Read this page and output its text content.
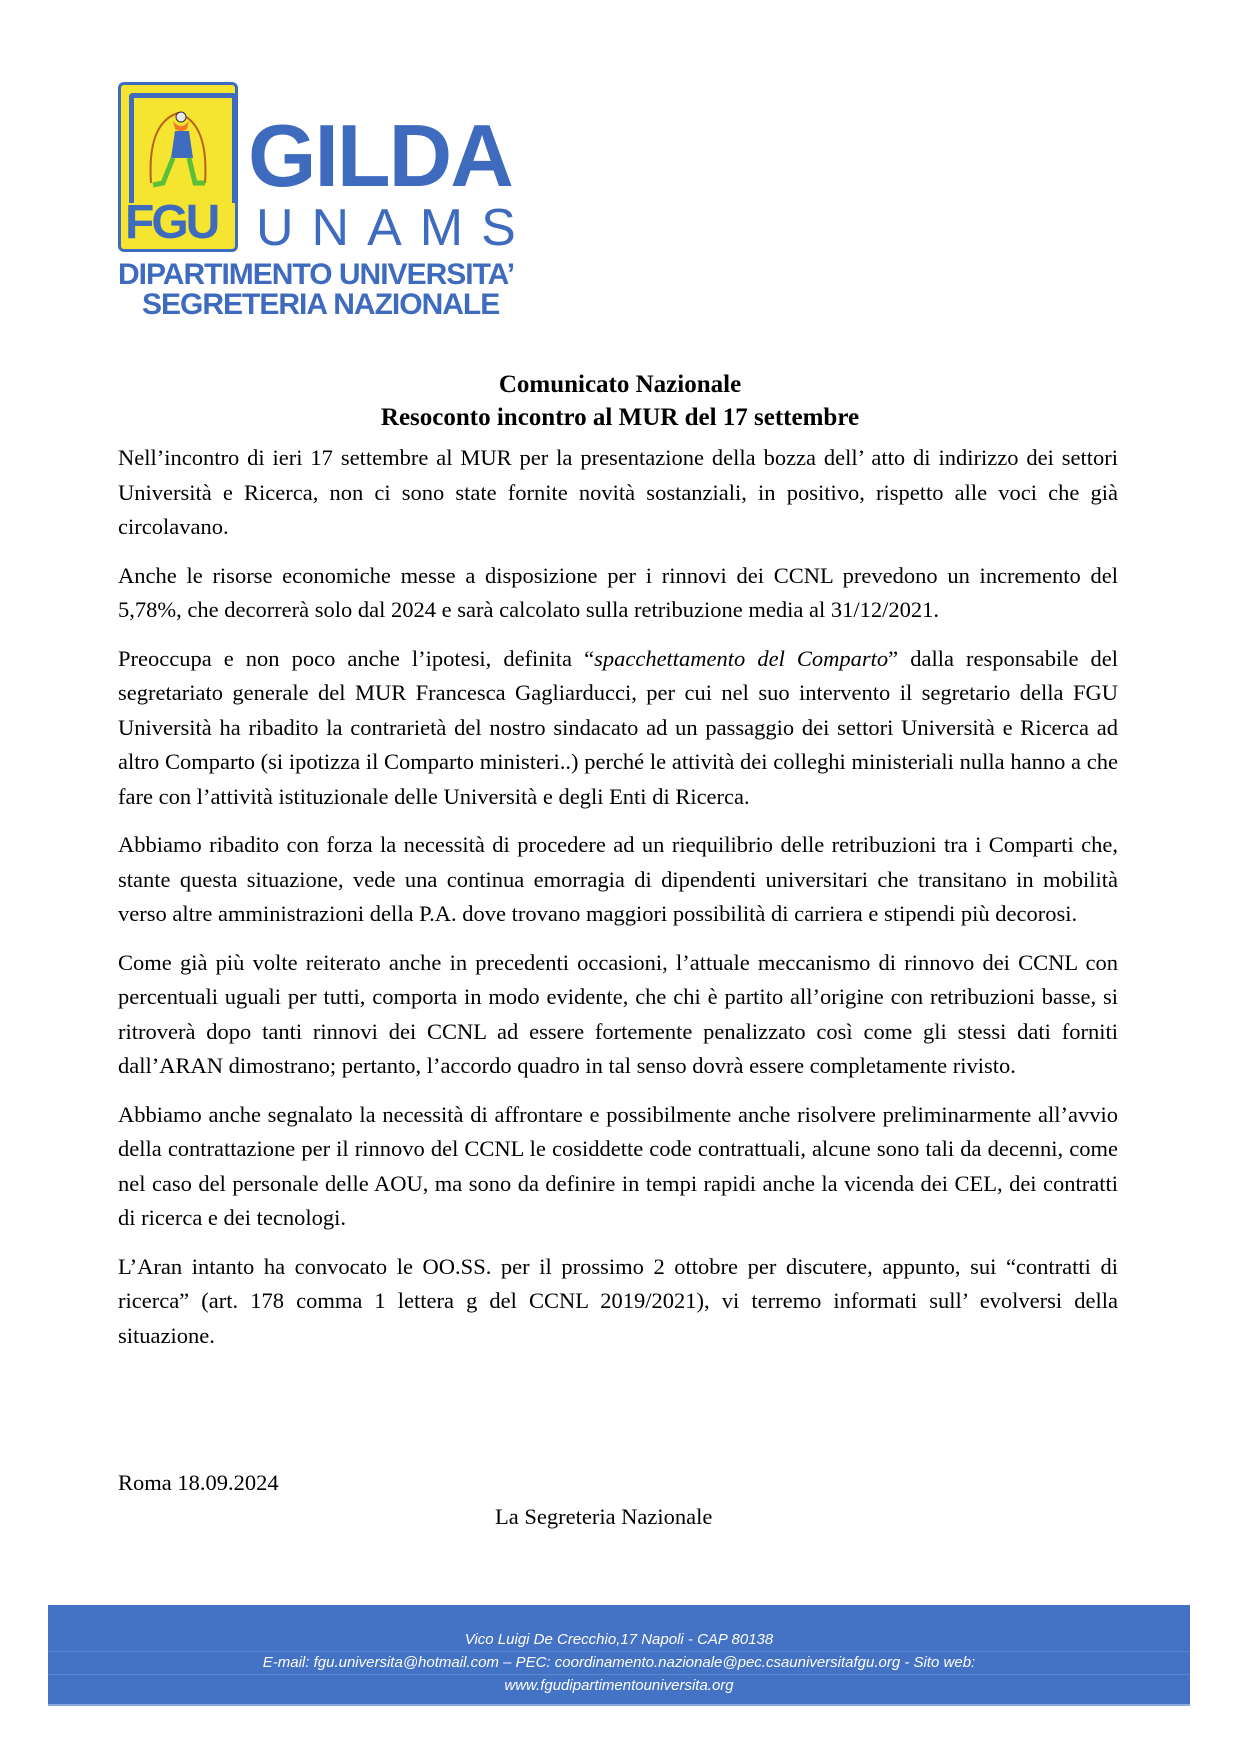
FGU
GILDA
UNAMS
DIPARTIMENTO UNIVERSITA’
SEGRETERIA NAZIONALE
Comunicato Nazionale
Resoconto incontro al MUR del 17 settembre

Nell’incontro di ieri 17 settembre al MUR per la presentazione della bozza dell’ atto di indirizzo dei settori Università e Ricerca, non ci sono state fornite novità sostanziali, in positivo, rispetto alle voci che già circolavano.

Anche le risorse economiche messe a disposizione per i rinnovi dei CCNL prevedono un incremento del 5,78%, che decorrerà solo dal 2024 e sarà calcolato sulla retribuzione media al 31/12/2021.

Preoccupa e non poco anche l’ipotesi, definita “spacchettamento del Comparto” dalla responsabile del segretariato generale del MUR Francesca Gagliarducci, per cui nel suo intervento il segretario della FGU Università ha ribadito la contrarietà del nostro sindacato ad un passaggio dei settori Università e Ricerca ad altro Comparto (si ipotizza il Comparto ministeri..) perché le attività dei colleghi ministeriali nulla hanno a che fare con l’attività istituzionale delle Università e degli Enti di Ricerca.

Abbiamo ribadito con forza la necessità di procedere ad un riequilibrio delle retribuzioni tra i Comparti che, stante questa situazione, vede una continua emorragia di dipendenti universitari che transitano in mobilità verso altre amministrazioni della P.A. dove trovano maggiori possibilità di carriera e stipendi più decorosi.

Come già più volte reiterato anche in precedenti occasioni, l’attuale meccanismo di rinnovo dei CCNL con percentuali uguali per tutti, comporta in modo evidente, che chi è partito all’origine con retribuzioni basse, si ritroverà dopo tanti rinnovi dei CCNL ad essere fortemente penalizzato così come gli stessi dati forniti dall’ARAN dimostrano; pertanto, l’accordo quadro in tal senso dovrà essere completamente rivisto.

Abbiamo anche segnalato la necessità di affrontare e possibilmente anche risolvere preliminarmente all’avvio della contrattazione per il rinnovo del CCNL le cosiddette code contrattuali, alcune sono tali da decenni, come nel caso del personale delle AOU, ma sono da definire in tempi rapidi anche la vicenda dei CEL, dei contratti di ricerca e dei tecnologi.

L’Aran intanto ha convocato le OO.SS. per il prossimo 2 ottobre per discutere, appunto, sui “contratti di ricerca” (art. 178 comma 1 lettera g del CCNL 2019/2021), vi terremo informati sull’ evolversi della situazione.

Roma 18.09.2024
La Segreteria Nazionale
Vico Luigi De Crecchio,17 Napoli - CAP 80138
E-mail: fgu.universita@hotmail.com – PEC: coordinamento.nazionale@pec.csauniversitafgu.org - Sito web:
www.fgudipartimentouniversita.org
